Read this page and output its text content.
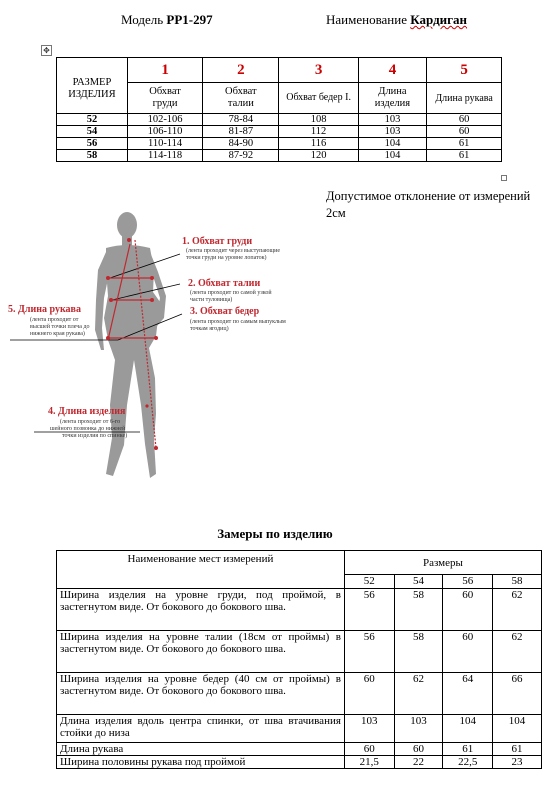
Модель PP1-297	Наименование Кардиган
✥
РАЗМЕР
ИЗДЕЛИЯ	1	2	3	4	5
	Обхват груди	Обхват талии	Обхват бедер I.	Длина изделия	Длина рукава
52	102-106	78-84	108	103	60
54	106-110	81-87	112	103	60
56	110-114	84-90	116	104	61
58	114-118	87-92	120	104	61
Допустимое отклонение от измерений
2см
1. Обхват груди
(лента проходит через выступающие
точки груди на уровне лопаток)
2. Обхват талии
(лента проходит по самой узкой
части туловища)
3. Обхват бедер
(лента проходит по самым выпуклым
точкам ягодиц)
5. Длина рукава
(лента проходит от
высшей точки плеча до
нижнего края рукава)
4. Длина изделия
(лента проходит от 6-го
шейного позвонка до нижней
точки изделия по спинке)
Замеры по изделию
Наименование мест измерений	Размеры			
	52	54	56	58
Ширина изделия на уровне груди, под проймой, в застегнутом виде. От бокового до бокового шва.	56	58	60	62
Ширина изделия на уровне талии (18см от проймы) в застегнутом виде. От бокового до бокового шва.	56	58	60	62
Ширина изделия на уровне бедер (40 см от проймы) в застегнутом виде. От бокового до бокового шва.	60	62	64	66
Длина изделия вдоль центра спинки, от шва втачивания стойки до низа	103	103	104	104
Длина рукава	60	60	61	61
Ширина половины рукава под проймой	21,5	22	22,5	23
